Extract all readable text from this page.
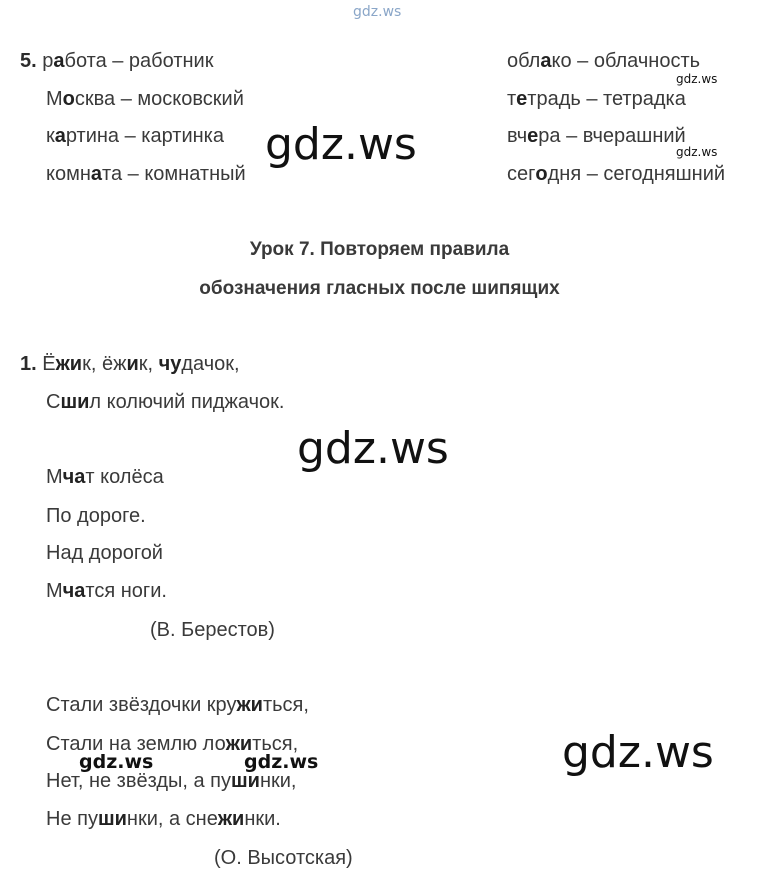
gdz.ws
5. работа – работник
Москва – московский
картина – картинка
комната – комнатный
облако – облачность
тетрадь – тетрадка
вчера – вчерашний
сегодня – сегодняшний
gdz.ws
gdz.ws
gdz.ws
Урок 7. Повторяем правила
обозначения гласных после шипящих
1. Ёжик, ёжик, чудачок,
Сшил колючий пиджачок.
gdz.ws
Мчат колёса
По дороге.
Над дорогой
Мчатся ноги.
(В. Берестов)
Стали звёздочки кружиться,
Стали на землю ложиться,
Нет, не звёзды, а пушинки,
Не пушинки, а снежинки.
(О. Высотская)
gdz.ws	gdz.ws	gdz.ws
